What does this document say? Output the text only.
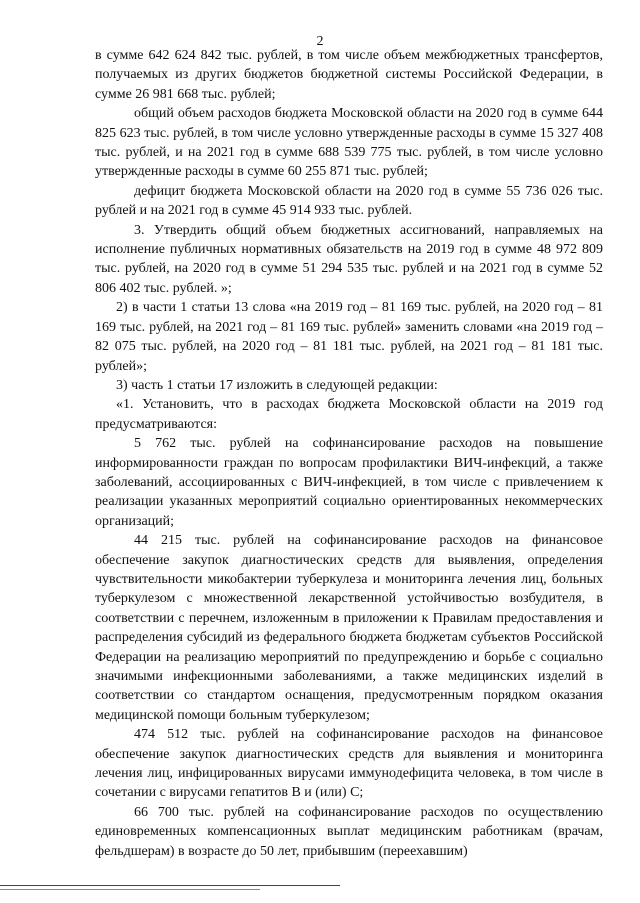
2

в сумме 642 624 842 тыс. рублей, в том числе объем межбюджетных трансфертов, получаемых из других бюджетов бюджетной системы Российской Федерации, в сумме 26 981 668 тыс. рублей;

общий объем расходов бюджета Московской области на 2020 год в сумме 644 825 623 тыс. рублей, в том числе условно утвержденные расходы в сумме 15 327 408 тыс. рублей, и на 2021 год в сумме 688 539 775 тыс. рублей, в том числе условно утвержденные расходы в сумме 60 255 871 тыс. рублей;

дефицит бюджета Московской области на 2020 год в сумме 55 736 026 тыс. рублей и на 2021 год в сумме 45 914 933 тыс. рублей.

3. Утвердить общий объем бюджетных ассигнований, направляемых на исполнение публичных нормативных обязательств на 2019 год в сумме 48 972 809 тыс. рублей, на 2020 год в сумме 51 294 535 тыс. рублей и на 2021 год в сумме 52 806 402 тыс. рублей. »;

2) в части 1 статьи 13 слова «на 2019 год – 81 169 тыс. рублей, на 2020 год – 81 169 тыс. рублей, на 2021 год – 81 169 тыс. рублей» заменить словами «на 2019 год – 82 075 тыс. рублей, на 2020 год – 81 181 тыс. рублей, на 2021 год – 81 181 тыс. рублей»;

3) часть 1 статьи 17 изложить в следующей редакции:

«1. Установить, что в расходах бюджета Московской области на 2019 год предусматриваются:

5 762 тыс. рублей на софинансирование расходов на повышение информированности граждан по вопросам профилактики ВИЧ-инфекций, а также заболеваний, ассоциированных с ВИЧ-инфекцией, в том числе с привлечением к реализации указанных мероприятий социально ориентированных некоммерческих организаций;

44 215 тыс. рублей на софинансирование расходов на финансовое обеспечение закупок диагностических средств для выявления, определения чувствительности микобактерии туберкулеза и мониторинга лечения лиц, больных туберкулезом с множественной лекарственной устойчивостью возбудителя, в соответствии с перечнем, изложенным в приложении к Правилам предоставления и распределения субсидий из федерального бюджета бюджетам субъектов Российской Федерации на реализацию мероприятий по предупреждению и борьбе с социально значимыми инфекционными заболеваниями, а также медицинских изделий в соответствии со стандартом оснащения, предусмотренным порядком оказания медицинской помощи больным туберкулезом;

474 512 тыс. рублей на софинансирование расходов на финансовое обеспечение закупок диагностических средств для выявления и мониторинга лечения лиц, инфицированных вирусами иммунодефицита человека, в том числе в сочетании с вирусами гепатитов В и (или) С;

66 700 тыс. рублей на софинансирование расходов по осуществлению единовременных компенсационных выплат медицинским работникам (врачам, фельдшерам) в возрасте до 50 лет, прибывшим (переехавшим)
